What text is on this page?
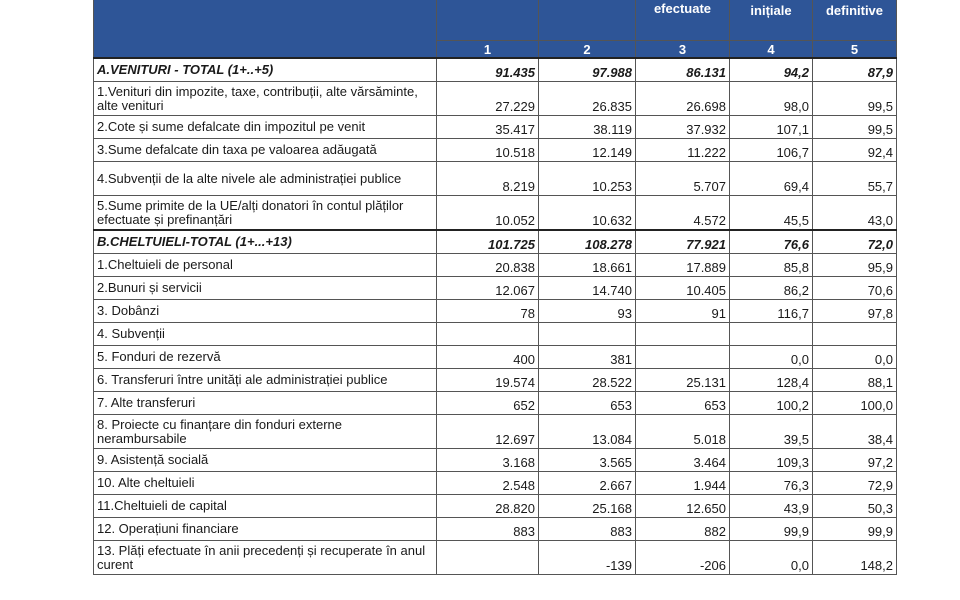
			efectuate	inițiale	definitive

	1	2	3	4	5
A.VENITURI - TOTAL (1+..+5)	91.435	97.988	86.131	94,2	87,9
1.Venituri din impozite, taxe, contribuții, alte vărsăminte, alte venituri	27.229	26.835	26.698	98,0	99,5
2.Cote și sume defalcate din impozitul pe venit	35.417	38.119	37.932	107,1	99,5
3.Sume defalcate din taxa pe valoarea adăugată	10.518	12.149	11.222	106,7	92,4
4.Subvenții de la alte nivele ale administrației publice	8.219	10.253	5.707	69,4	55,7
5.Sume primite de la UE/alți donatori în contul plăților efectuate și prefinanțări	10.052	10.632	4.572	45,5	43,0
B.CHELTUIELI-TOTAL (1+...+13)	101.725	108.278	77.921	76,6	72,0
1.Cheltuieli de personal	20.838	18.661	17.889	85,8	95,9
2.Bunuri și servicii	12.067	14.740	10.405	86,2	70,6
3. Dobânzi	78	93	91	116,7	97,8
4. Subvenții					
5. Fonduri de rezervă	400	381		0,0	0,0
6. Transferuri între unități ale administrației publice	19.574	28.522	25.131	128,4	88,1
7. Alte transferuri	652	653	653	100,2	100,0
8. Proiecte cu finanțare din fonduri externe nerambursabile	12.697	13.084	5.018	39,5	38,4
9. Asistență socială	3.168	3.565	3.464	109,3	97,2
10. Alte cheltuieli	2.548	2.667	1.944	76,3	72,9
11.Cheltuieli de capital	28.820	25.168	12.650	43,9	50,3
12. Operațiuni financiare	883	883	882	99,9	99,9
13. Plăți efectuate în anii precedenți și recuperate în anul curent		-139	-206	0,0	148,2
